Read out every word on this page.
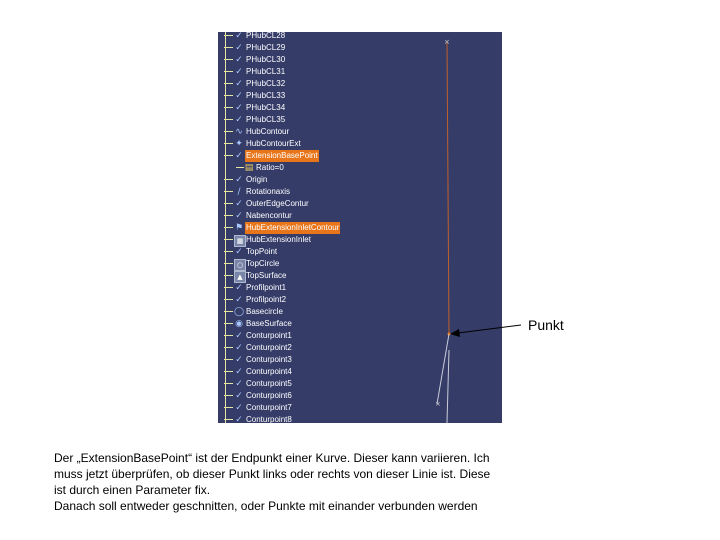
✓ PHubCL28
✓ PHubCL29
✓ PHubCL30
✓ PHubCL31
✓ PHubCL32
✓ PHubCL33
✓ PHubCL34
✓ PHubCL35
∿ HubContour
✦ HubContourExt
✓ ExtensionBasePoint
▤ Ratio=0
✓ Origin
∕ Rotationaxis
✓ OuterEdgeContur
✓ Nabencontur
⚑ HubExtensionInletContour
▦ HubExtensionInlet
✓ TopPoint
○ TopCircle
▲ TopSurface
✓ Profilpoint1
✓ Profilpoint2
◯ Basecircle
◉ BaseSurface
✓ Conturpoint1
✓ Conturpoint2
✓ Conturpoint3
✓ Conturpoint4
✓ Conturpoint5
✓ Conturpoint6
✓ Conturpoint7
✓ Conturpoint8
×
×
Punkt

Der „ExtensionBasePoint“ ist der Endpunkt einer Kurve. Dieser kann variieren. Ich

muss jetzt überprüfen, ob dieser Punkt links oder rechts von dieser Linie ist. Diese

ist durch einen Parameter fix.

Danach soll entweder geschnitten, oder Punkte mit einander verbunden werden
